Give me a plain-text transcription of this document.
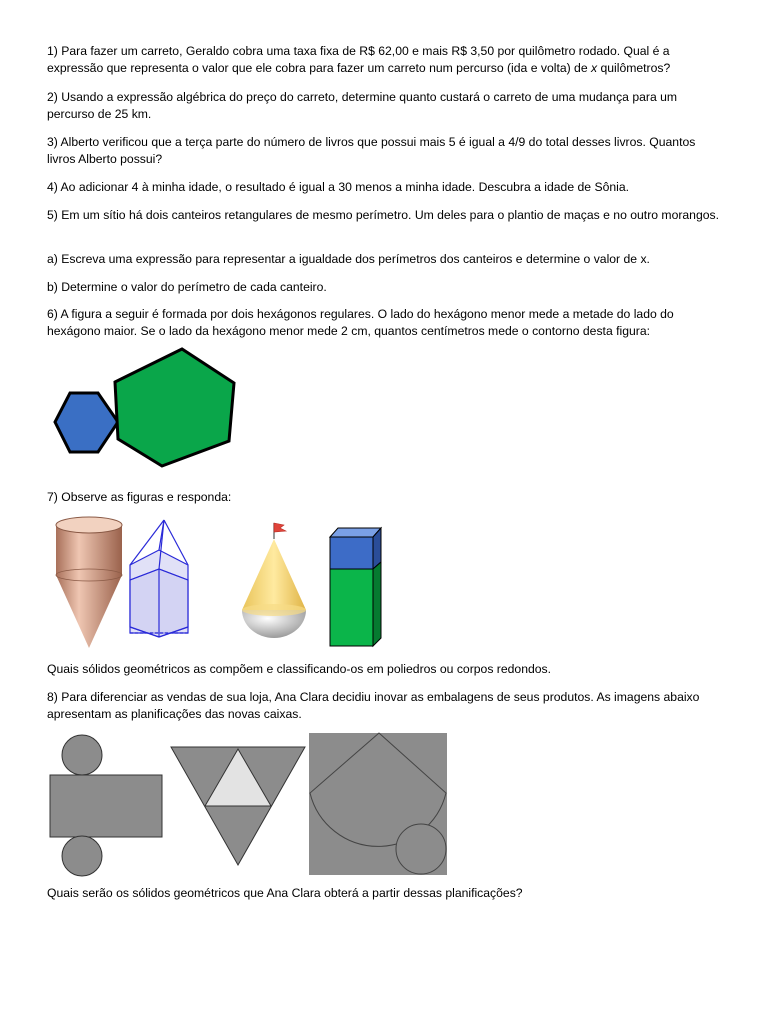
1) Para fazer um carreto, Geraldo cobra uma taxa fixa de R$ 62,00 e mais R$ 3,50 por quilômetro rodado. Qual é a expressão que representa o valor que ele cobra para fazer um carreto num percurso (ida e volta) de x quilômetros?

2) Usando a expressão algébrica do preço do carreto, determine quanto custará o carreto de uma mudança para um percurso de 25 km.

3) Alberto verificou que a terça parte do número de livros que possui mais 5 é igual a 4/9 do total desses livros. Quantos livros Alberto possui?

4) Ao adicionar 4 à minha idade, o resultado é igual a 30 menos a minha idade. Descubra a idade de Sônia.

5) Em um sítio há dois canteiros retangulares de mesmo perímetro. Um deles para o plantio de maças e no outro morangos.

a) Escreva uma expressão para representar a igualdade dos perímetros dos canteiros e determine o valor de x.

b) Determine o valor do perímetro de cada canteiro.

6) A figura a seguir é formada por dois hexágonos regulares. O lado do hexágono menor mede a metade do lado do hexágono maior. Se o lado da hexágono menor mede 2 cm, quantos centímetros mede o contorno desta figura:

7) Observe as figuras e responda:

Quais sólidos geométricos as compõem e classificando-os em poliedros ou corpos redondos.

8) Para diferenciar as vendas de sua loja, Ana Clara decidiu inovar as embalagens de seus produtos. As imagens abaixo apresentam as planificações das novas caixas.

Quais serão os sólidos geométricos que Ana Clara obterá a partir dessas planificações?
